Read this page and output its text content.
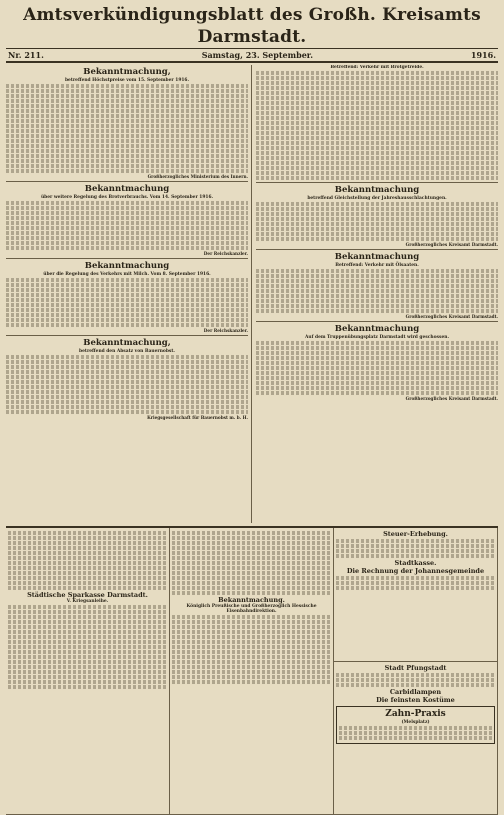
Amtsverkündigungsblatt des Großh. Kreisamts Darmstadt.
Nr. 211.	Samstag, 23. September.	1916.
Bekanntmachung,
betreffend Höchstpreise vom 15. September 1916.
Großherzogliches Ministerium des Innern.
Bekanntmachung
über weitere Regelung des Brotverbrauchs. Vom 14. September 1916.
Der Reichskanzler.
Bekanntmachung
über die Regelung des Verkehrs mit Milch. Vom 8. September 1916.
Der Reichskanzler.
Bekanntmachung,
betreffend den Absatz von Bauernobst.
Kriegsgesellschaft für Bauernobst m. b. H.
Betreffend: Verkehr mit Brotgetreide.
Bekanntmachung
betreffend Gleichstellung der Jahreshausschlachtungen.
Großherzogliches Kreisamt Darmstadt.
Bekanntmachung
Betreffend: Verkehr mit Ölsaaten.
Großherzogliches Kreisamt Darmstadt.
Bekanntmachung
Auf dem Truppenübungsplatz Darmstadt wird geschossen.
Großherzogliches Kreisamt Darmstadt.
Städtische Sparkasse Darmstadt.
V. Kriegsanleihe.	Bekanntmachung.
Königlich Preußische und Großherzoglich Hessische Eisenbahndirektion.
Steuer-Erhebung.
Stadtkasse.
Die Rechnung der Johannesgemeinde
Stadt Pfungstadt
Carbidlampen
Die feinsten Kostüme
Zahn-Praxis
(Melsplatz)
